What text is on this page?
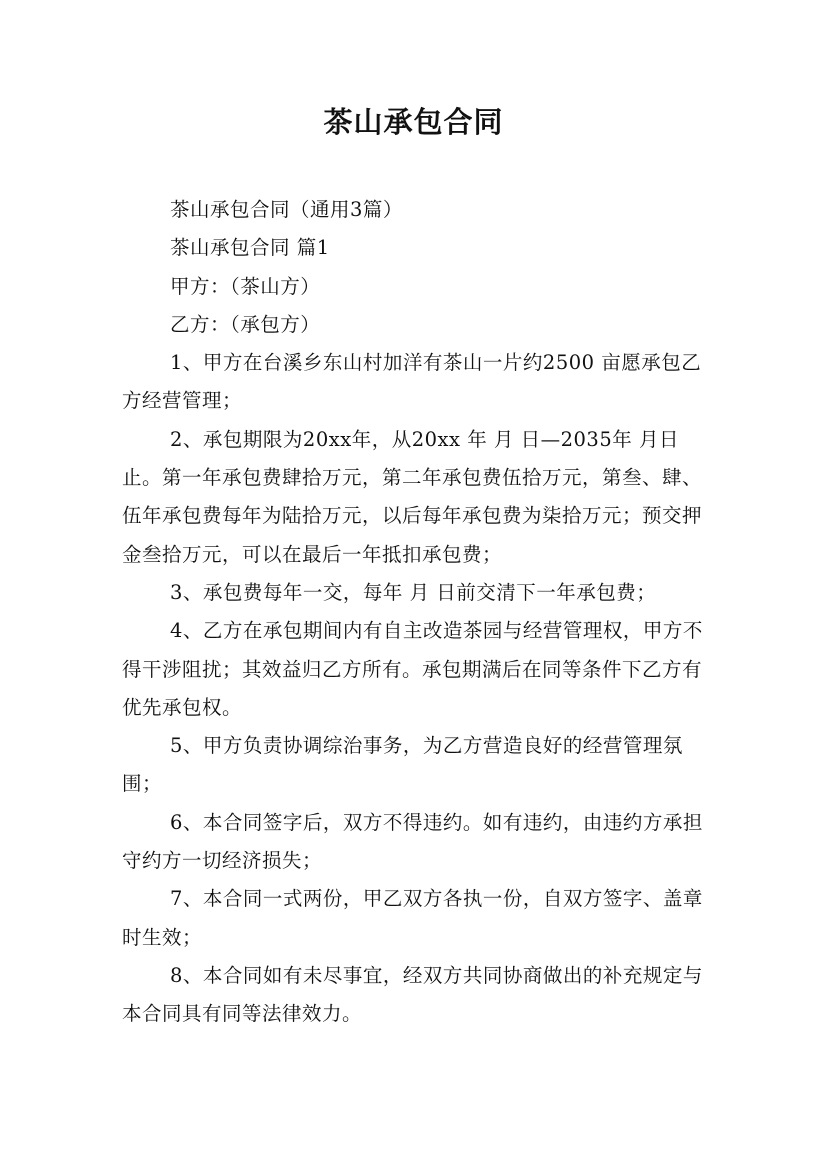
茶山承包合同

茶山承包合同（通用3篇）

茶山承包合同 篇1

甲方：（茶山方）

乙方：（承包方）

1、甲方在台溪乡东山村加洋有茶山一片约2500 亩愿承包乙方经营管理；

2、承包期限为20xx年，从20xx 年 月 日—2035年 月日止。第一年承包费肆拾万元，第二年承包费伍拾万元，第叁、肆、伍年承包费每年为陆拾万元，以后每年承包费为柒拾万元；预交押金叁拾万元，可以在最后一年抵扣承包费；

3、承包费每年一交，每年 月 日前交清下一年承包费；

4、乙方在承包期间内有自主改造茶园与经营管理权，甲方不得干涉阻扰；其效益归乙方所有。承包期满后在同等条件下乙方有优先承包权。

5、甲方负责协调综治事务，为乙方营造良好的经营管理氛围；

6、本合同签字后，双方不得违约。如有违约，由违约方承担守约方一切经济损失；

7、本合同一式两份，甲乙双方各执一份，自双方签字、盖章时生效；

8、本合同如有未尽事宜，经双方共同协商做出的补充规定与本合同具有同等法律效力。
